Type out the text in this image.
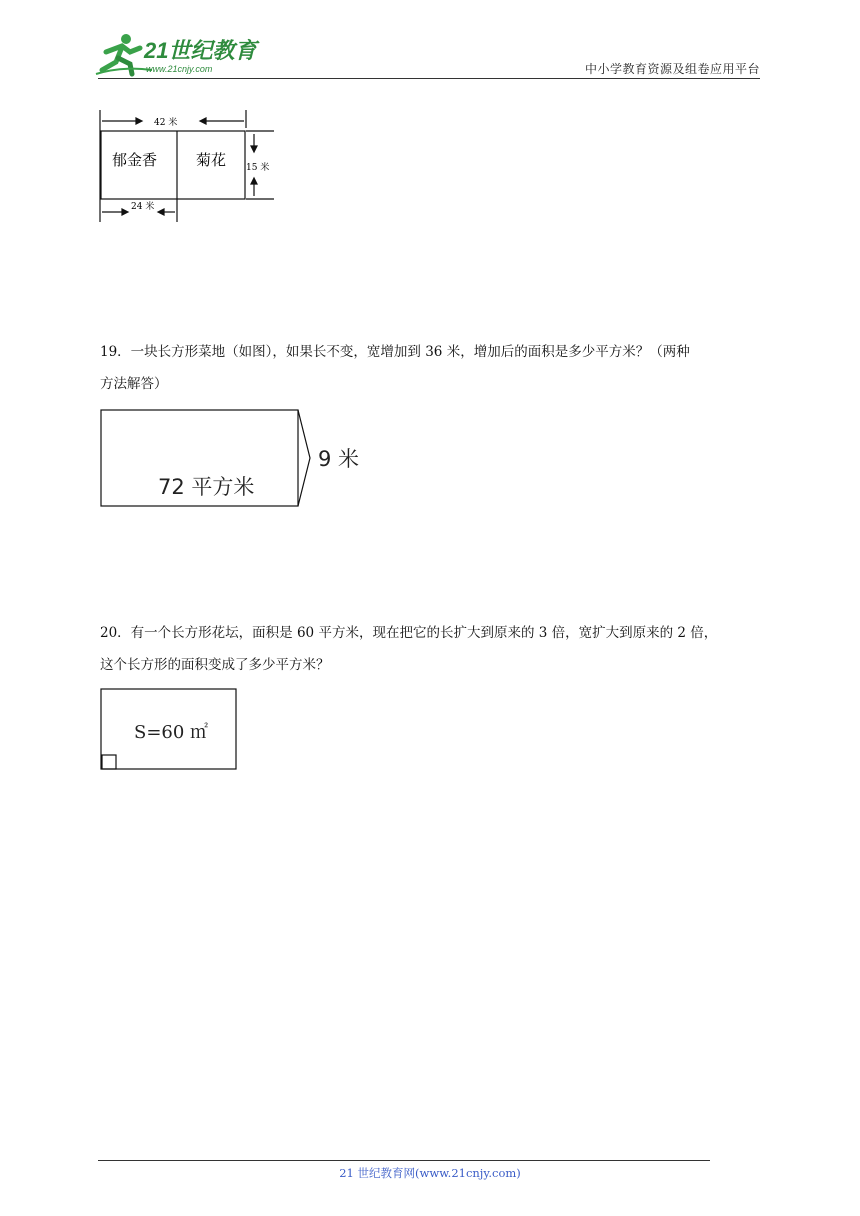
21世纪教育
www.21cnjy.com	中小学教育资源及组卷应用平台
42 米
24 米
15 米
郁金香	菊花
19．一块长方形菜地（如图），如果长不变，宽增加到 36 米，增加后的面积是多少平方米？（两种
方法解答）
72 平方米
9 米
20．有一个长方形花坛，面积是 60 平方米，现在把它的长扩大到原来的 3 倍，宽扩大到原来的 2 倍，
这个长方形的面积变成了多少平方米？
S=60 ㎡
21 世纪教育网(www.21cnjy.com)
